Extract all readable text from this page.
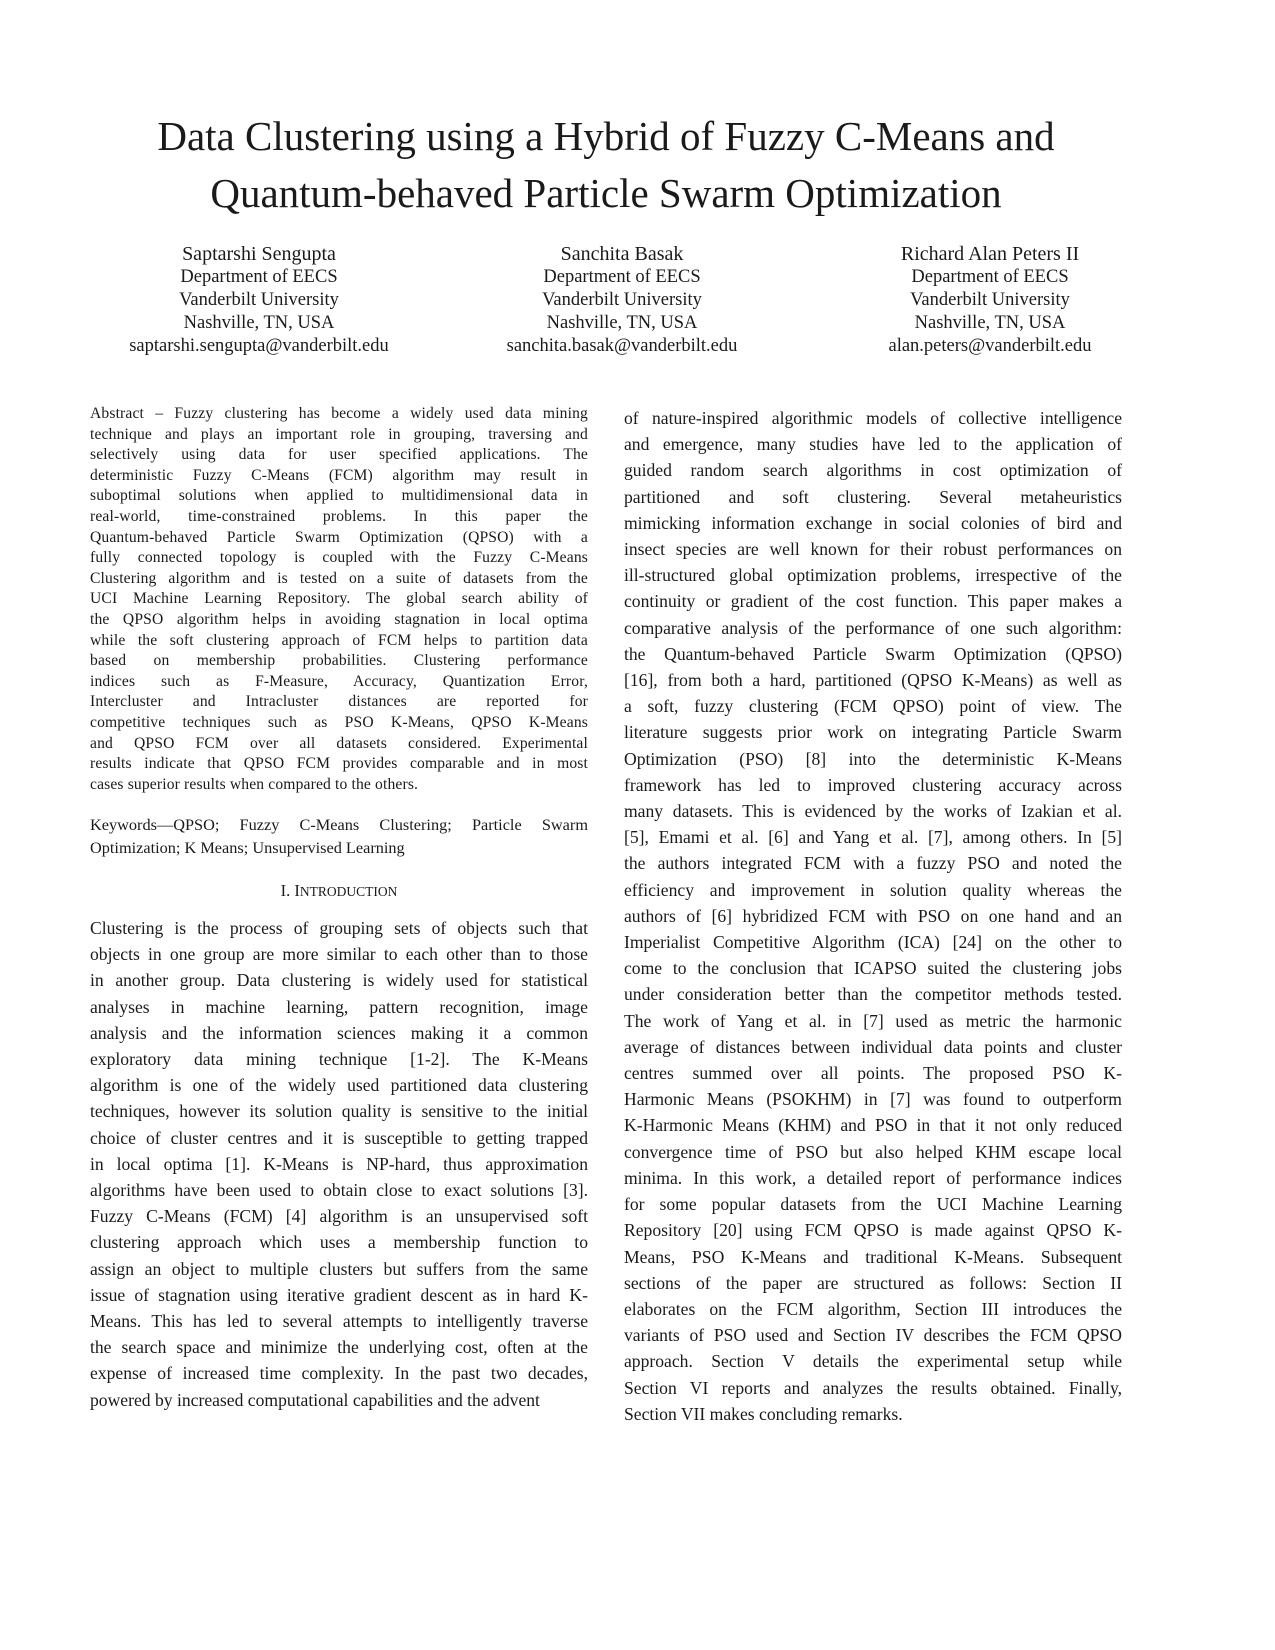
Data Clustering using a Hybrid of Fuzzy C-Means and
Quantum-behaved Particle Swarm Optimization
Saptarshi Sengupta
Department of EECS
Vanderbilt University
Nashville, TN, USA
saptarshi.sengupta@vanderbilt.edu
Sanchita Basak
Department of EECS
Vanderbilt University
Nashville, TN, USA
sanchita.basak@vanderbilt.edu
Richard Alan Peters II
Department of EECS
Vanderbilt University
Nashville, TN, USA
alan.peters@vanderbilt.edu
Abstract – Fuzzy clustering has become a widely used data mining
technique and plays an important role in grouping, traversing and
selectively using data for user specified applications. The
deterministic Fuzzy C-Means (FCM) algorithm may result in
suboptimal solutions when applied to multidimensional data in
real-world, time-constrained problems. In this paper the
Quantum-behaved Particle Swarm Optimization (QPSO) with a
fully connected topology is coupled with the Fuzzy C-Means
Clustering algorithm and is tested on a suite of datasets from the
UCI Machine Learning Repository. The global search ability of
the QPSO algorithm helps in avoiding stagnation in local optima
while the soft clustering approach of FCM helps to partition data
based on membership probabilities. Clustering performance
indices such as F-Measure, Accuracy, Quantization Error,
Intercluster and Intracluster distances are reported for
competitive techniques such as PSO K-Means, QPSO K-Means
and QPSO FCM over all datasets considered. Experimental
results indicate that QPSO FCM provides comparable and in most
cases superior results when compared to the others.
Keywords—QPSO; Fuzzy C-Means Clustering; Particle Swarm
Optimization; K Means; Unsupervised Learning
I. INTRODUCTION
Clustering is the process of grouping sets of objects such that
objects in one group are more similar to each other than to those
in another group. Data clustering is widely used for statistical
analyses in machine learning, pattern recognition, image
analysis and the information sciences making it a common
exploratory data mining technique [1-2]. The K-Means
algorithm is one of the widely used partitioned data clustering
techniques, however its solution quality is sensitive to the initial
choice of cluster centres and it is susceptible to getting trapped
in local optima [1]. K-Means is NP-hard, thus approximation
algorithms have been used to obtain close to exact solutions [3].
Fuzzy C-Means (FCM) [4] algorithm is an unsupervised soft
clustering approach which uses a membership function to
assign an object to multiple clusters but suffers from the same
issue of stagnation using iterative gradient descent as in hard K-
Means. This has led to several attempts to intelligently traverse
the search space and minimize the underlying cost, often at the
expense of increased time complexity. In the past two decades,
powered by increased computational capabilities and the advent
of nature-inspired algorithmic models of collective intelligence
and emergence, many studies have led to the application of
guided random search algorithms in cost optimization of
partitioned and soft clustering. Several metaheuristics
mimicking information exchange in social colonies of bird and
insect species are well known for their robust performances on
ill-structured global optimization problems, irrespective of the
continuity or gradient of the cost function. This paper makes a
comparative analysis of the performance of one such algorithm:
the Quantum-behaved Particle Swarm Optimization (QPSO)
[16], from both a hard, partitioned (QPSO K-Means) as well as
a soft, fuzzy clustering (FCM QPSO) point of view. The
literature suggests prior work on integrating Particle Swarm
Optimization (PSO) [8] into the deterministic K-Means
framework has led to improved clustering accuracy across
many datasets. This is evidenced by the works of Izakian et al.
[5], Emami et al. [6] and Yang et al. [7], among others. In [5]
the authors integrated FCM with a fuzzy PSO and noted the
efficiency and improvement in solution quality whereas the
authors of [6] hybridized FCM with PSO on one hand and an
Imperialist Competitive Algorithm (ICA) [24] on the other to
come to the conclusion that ICAPSO suited the clustering jobs
under consideration better than the competitor methods tested.
The work of Yang et al. in [7] used as metric the harmonic
average of distances between individual data points and cluster
centres summed over all points. The proposed PSO K-
Harmonic Means (PSOKHM) in [7] was found to outperform
K-Harmonic Means (KHM) and PSO in that it not only reduced
convergence time of PSO but also helped KHM escape local
minima. In this work, a detailed report of performance indices
for some popular datasets from the UCI Machine Learning
Repository [20] using FCM QPSO is made against QPSO K-
Means, PSO K-Means and traditional K-Means. Subsequent
sections of the paper are structured as follows: Section II
elaborates on the FCM algorithm, Section III introduces the
variants of PSO used and Section IV describes the FCM QPSO
approach. Section V details the experimental setup while
Section VI reports and analyzes the results obtained. Finally,
Section VII makes concluding remarks.
